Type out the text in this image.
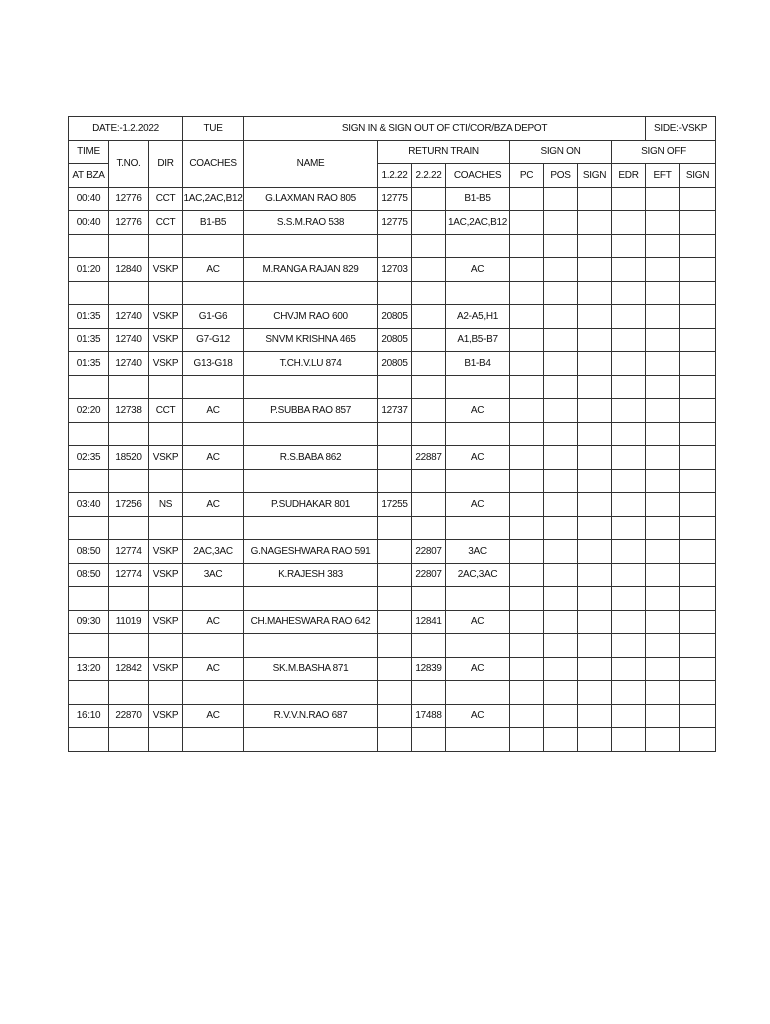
DATE:-1.2.2022			TUE	SIGN IN & SIGN OUT OF CTI/COR/BZA DEPOT								SIDE:-VSKP	
TIME	T.NO.	DIR	COACHES	NAME	RETURN TRAIN			SIGN ON			SIGN OFF		
AT BZA					1.2.22	2.2.22	COACHES	PC	POS	SIGN	EDR	EFT	SIGN
00:40	12776	CCT	1AC,2AC,B12	G.LAXMAN RAO 805	12775		B1-B5						
00:40	12776	CCT	B1-B5	S.S.M.RAO 538	12775		1AC,2AC,B12						

01:20	12840	VSKP	AC	M.RANGA RAJAN 829	12703		AC						

01:35	12740	VSKP	G1-G6	CHVJM RAO 600	20805		A2-A5,H1						
01:35	12740	VSKP	G7-G12	SNVM KRISHNA 465	20805		A1,B5-B7						
01:35	12740	VSKP	G13-G18	T.CH.V.LU 874	20805		B1-B4						

02:20	12738	CCT	AC	P.SUBBA RAO 857	12737		AC						

02:35	18520	VSKP	AC	R.S.BABA 862		22887	AC						

03:40	17256	NS	AC	P.SUDHAKAR 801	17255		AC						

08:50	12774	VSKP	2AC,3AC	G.NAGESHWARA RAO 591		22807	3AC						
08:50	12774	VSKP	3AC	K.RAJESH 383		22807	2AC,3AC						

09:30	11019	VSKP	AC	CH.MAHESWARA RAO 642		12841	AC						

13:20	12842	VSKP	AC	SK.M.BASHA 871		12839	AC						

16:10	22870	VSKP	AC	R.V.V.N.RAO 687		17488	AC						
